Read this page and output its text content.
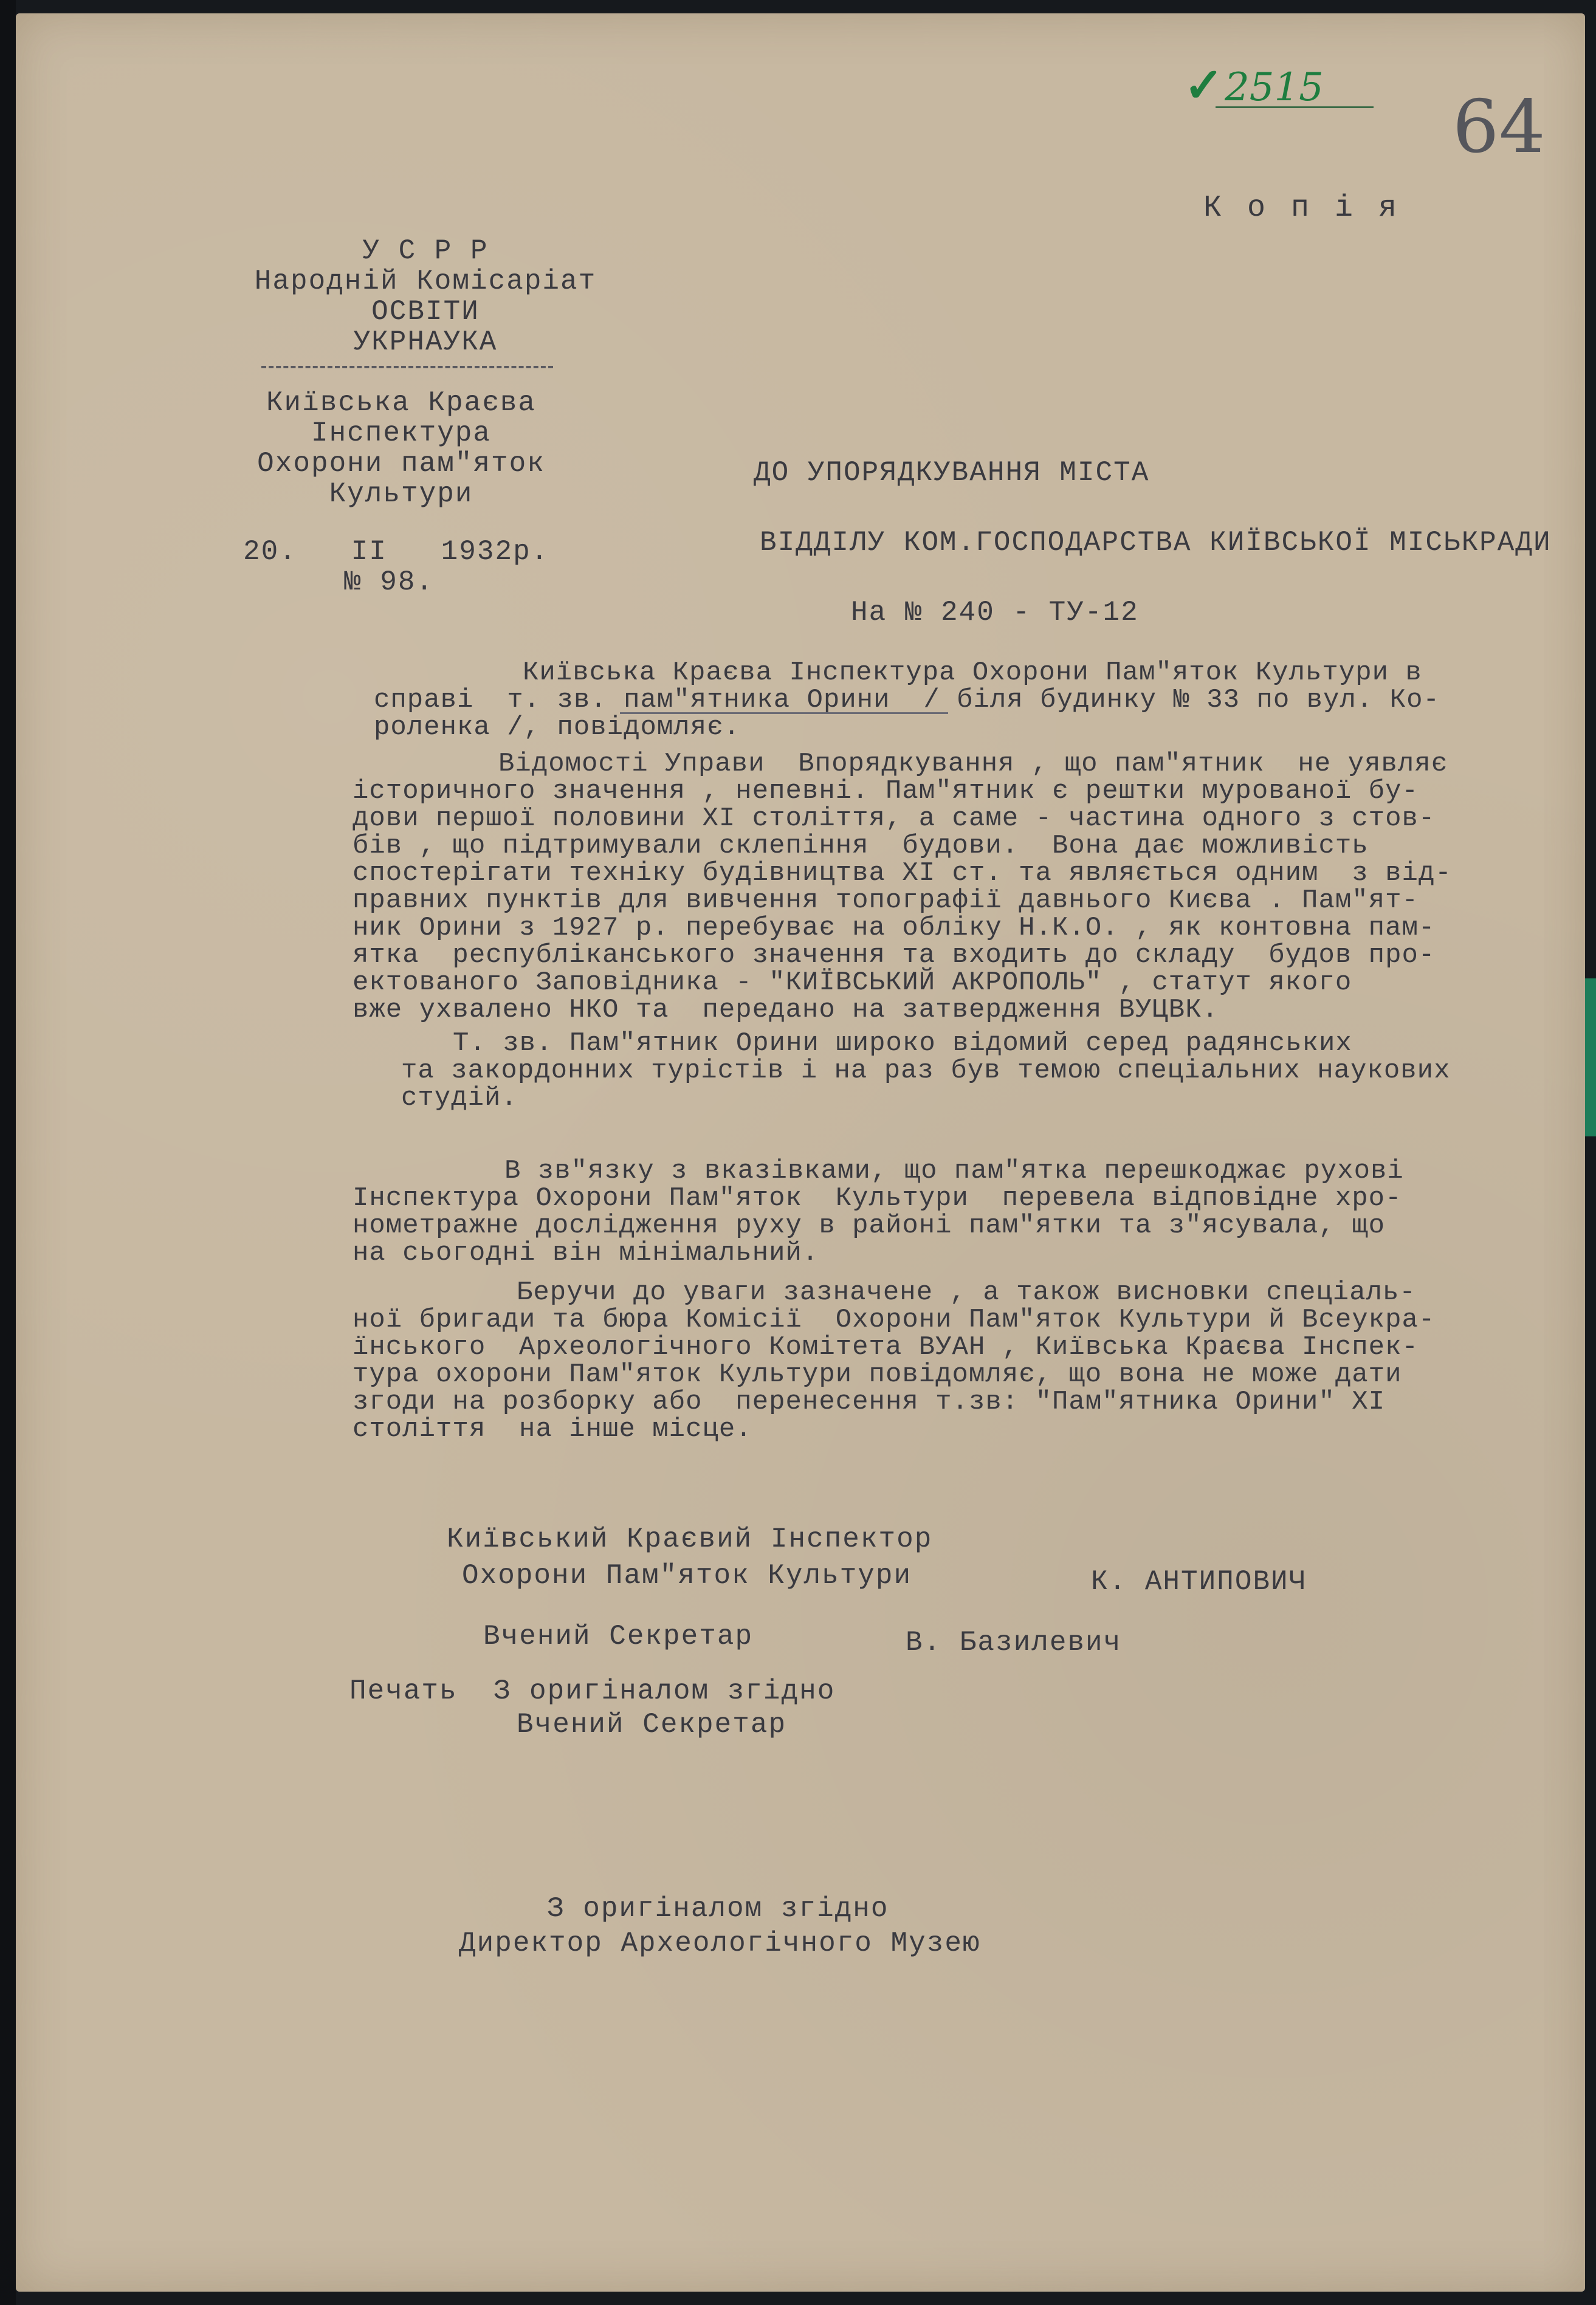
✓ 2515 64
К о п і я
У С Р Р
Народній Комісаріат
ОСВІТИ
УКРНАУКА
Київська Краєва
Інспектура
Охорони пам"яток
Культури
20.   II   1932р.
№ 98.
ДО УПОРЯДКУВАННЯ МІСТА
ВІДДІЛУ КОМ.ГОСПОДАРСТВА КИЇВСЬКОЇ МІСЬКРАДИ
На № 240 - ТУ-12
Київська Краєва Інспектура Охорони Пам"яток Культури в
справі  т. зв. пам"ятника Орини  / біля будинку № 33 по вул. Ко-
роленка /, повідомляє.
Відомості Управи  Впорядкування , що пам"ятник  не уявляє
історичного значення , непевні. Пам"ятник є рештки мурованої бу-
дови першої половини XI століття, а саме - частина одного з стов-
бів , що підтримували склепіння  будови.  Вона дає можливість
спостерігати техніку будівництва XI ст. та являється одним  з від-
правних пунктів для вивчення топографії давнього Києва . Пам"ят-
ник Орини з 1927 р. перебуває на обліку Н.К.О. , як контовна пам-
ятка  республіканського значення та входить до складу  будов про-
ектованого Заповідника - "КИЇВСЬКИЙ АКРОПОЛЬ" , статут якого
вже ухвалено НКО та  передано на затвердження ВУЦВК.
Т. зв. Пам"ятник Орини широко відомий серед радянських
та закордонних турістів і на раз був темою спеціальних наукових
студій.
В зв"язку з вказівками, що пам"ятка перешкоджає рухові
Інспектура Охорони Пам"яток  Культури  перевела відповідне хро-
нометражне дослідження руху в районі пам"ятки та з"ясувала, що
на сьогодні він мінімальний.
Беручи до уваги зазначене , а також висновки спеціаль-
ної бригади та бюра Комісії  Охорони Пам"яток Культури й Всеукра-
їнського  Археологічного Комітета ВУАН , Київська Краєва Інспек-
тура охорони Пам"яток Культури повідомляє, що вона не може дати
згоди на розборку або  перенесення т.зв: "Пам"ятника Орини" XI
століття  на інше місце.
Київський Краєвий Інспектор
Охорони Пам"яток Культури	К. АНТИПОВИЧ
Вчений Секретар	В. Базилевич
Печать  З оригіналом згідно
Вчений Секретар
З оригіналом згідно
Директор Археологічного Музею
